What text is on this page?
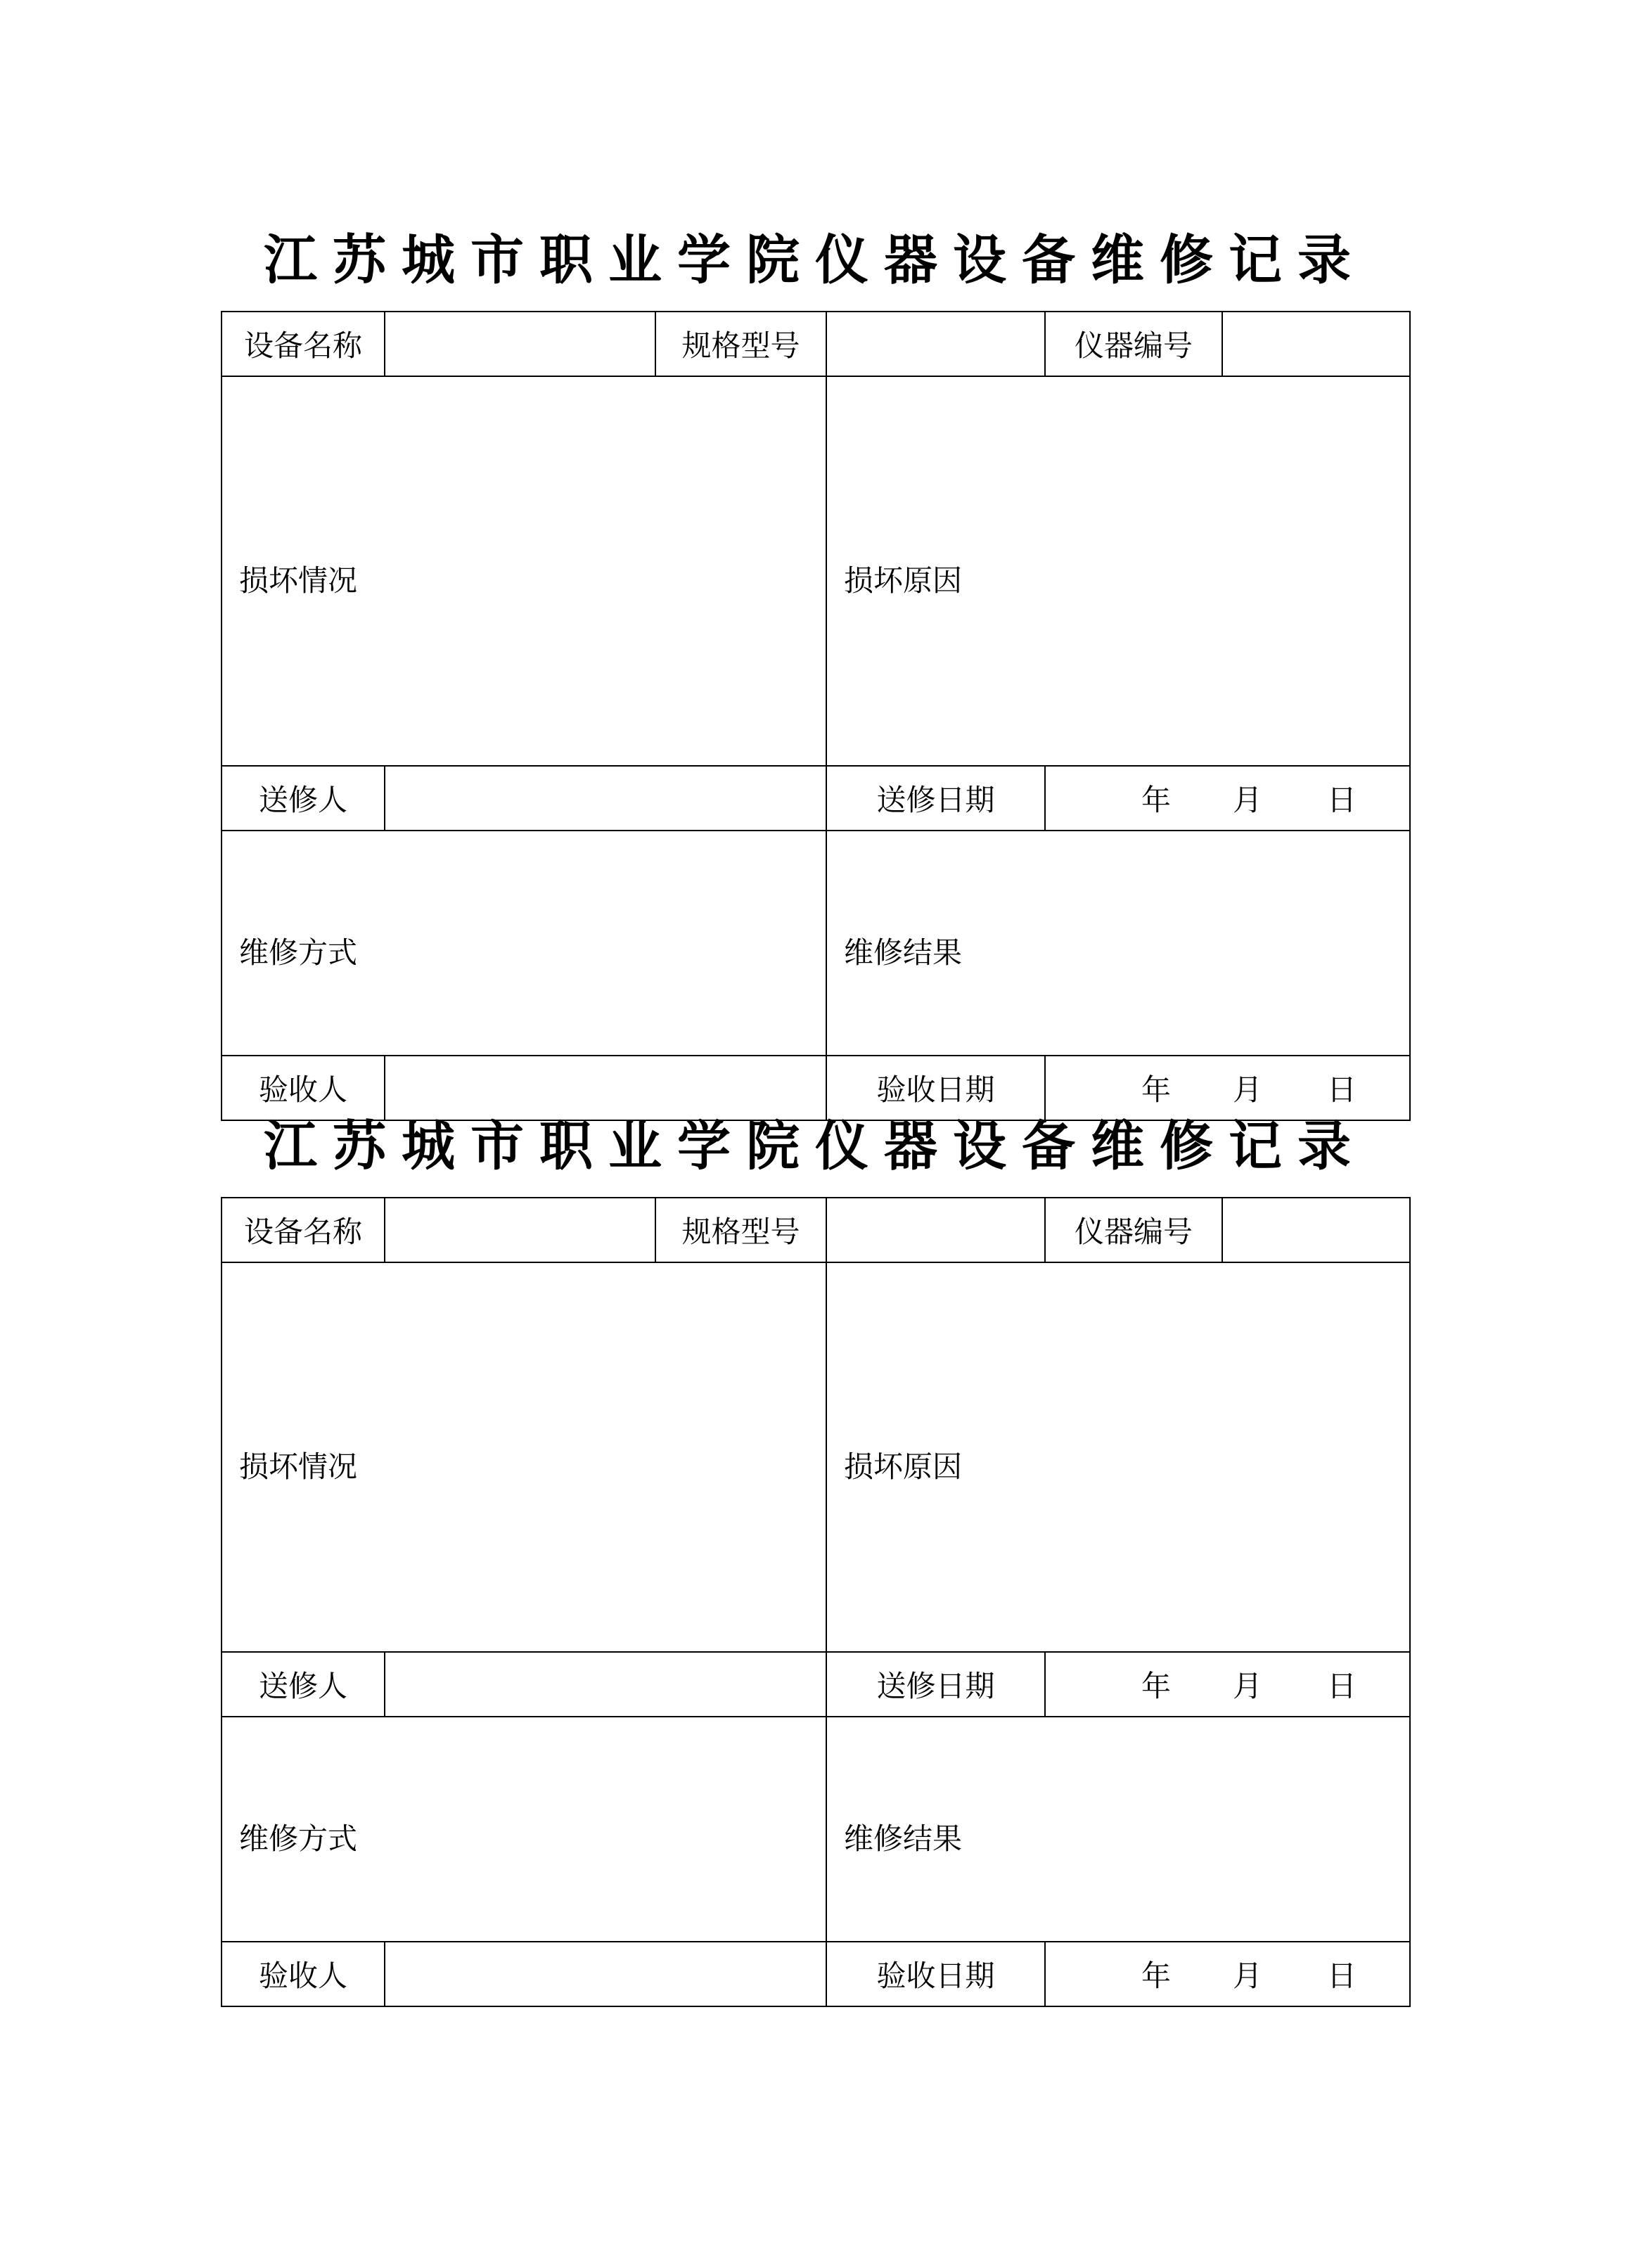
江苏城市职业学院仪器设备维修记录
设备名称		规格型号		仪器编号	
损坏情况			损坏原因		
送修人			送修日期	年 月 日	
维修方式			维修结果		
验收人			验收日期	年 月 日	
江苏城市职业学院仪器设备维修记录
设备名称		规格型号		仪器编号	
损坏情况			损坏原因		
送修人			送修日期	年 月 日	
维修方式			维修结果		
验收人			验收日期	年 月 日	
